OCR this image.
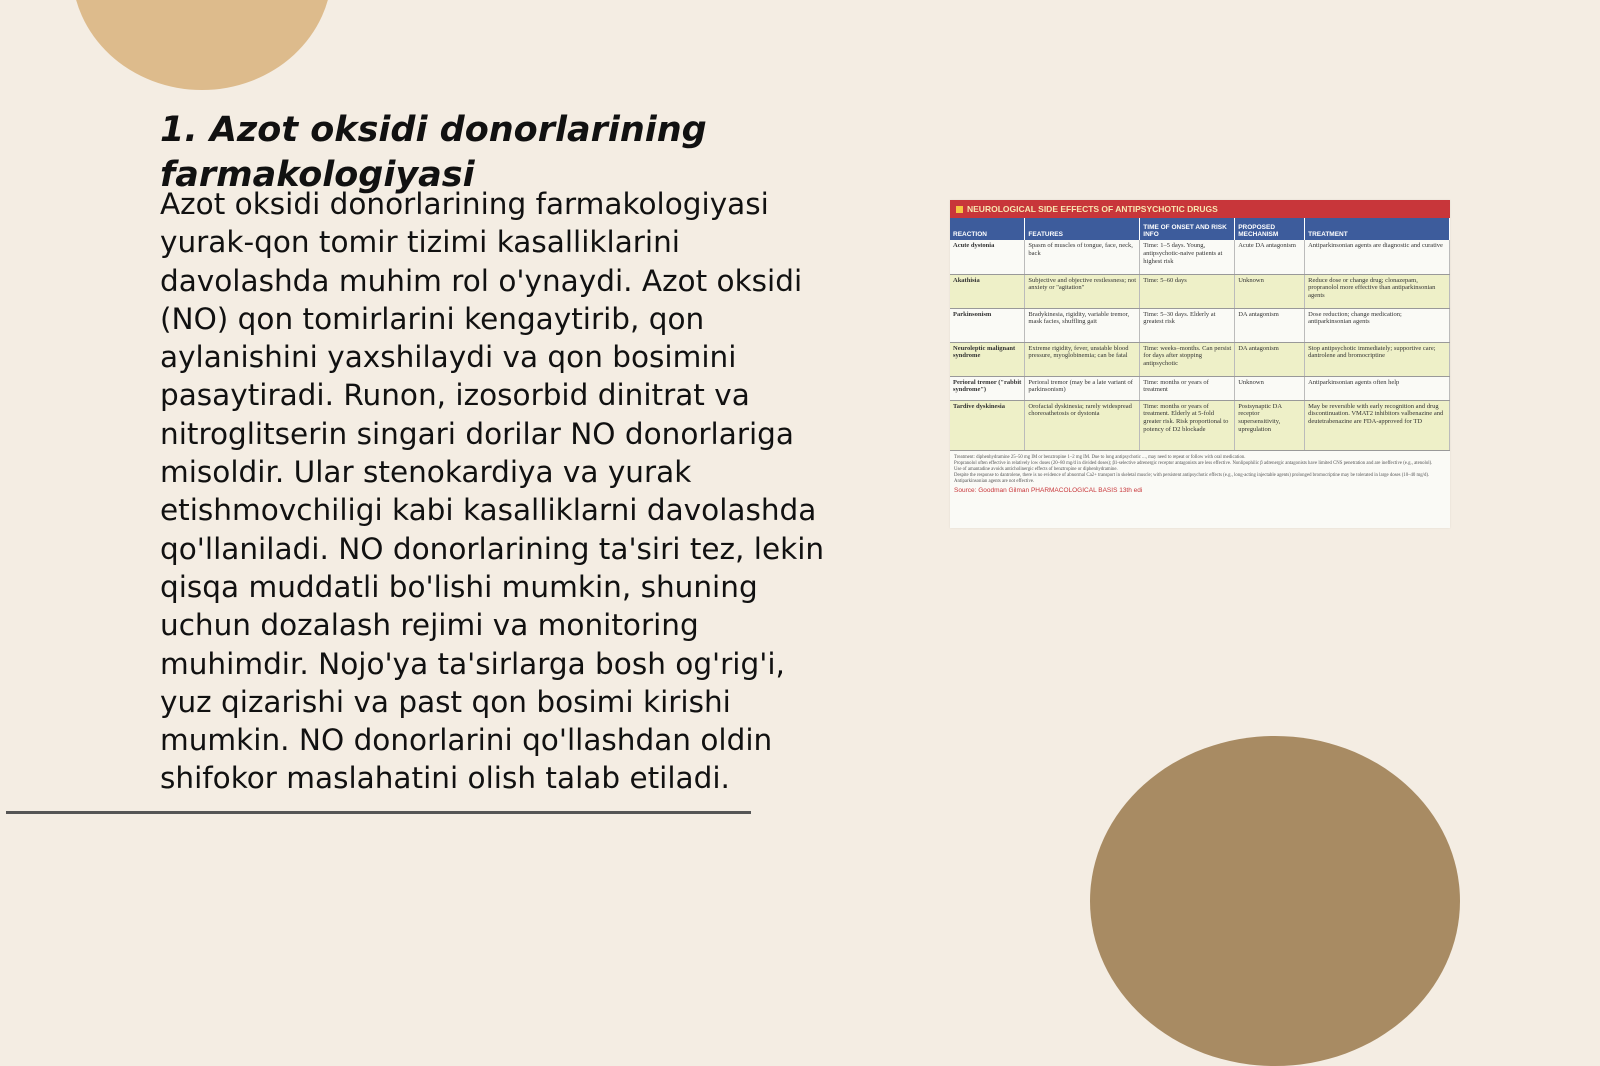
1. Azot oksidi donorlarining farmakologiyasi

Azot oksidi donorlarining farmakologiyasi yurak-qon tomir tizimi kasalliklarini davolashda muhim rol o'ynaydi. Azot oksidi (NO) qon tomirlarini kengaytirib, qon aylanishini yaxshilaydi va qon bosimini pasaytiradi. Runon, izosorbid dinitrat va nitroglitserin singari dorilar NO donorlariga misoldir. Ular stenokardiya va yurak etishmovchiligi kabi kasalliklarni davolashda qo'llaniladi. NO donorlarining ta'siri tez, lekin qisqa muddatli bo'lishi mumkin, shuning uchun dozalash rejimi va monitoring muhimdir. Nojo'ya ta'sirlarga bosh og'rig'i, yuz qizarishi va past qon bosimi kirishi mumkin. NO donorlarini qo'llashdan oldin shifokor maslahatini olish talab etiladi.

NEUROLOGICAL SIDE EFFECTS OF ANTIPSYCHOTIC DRUGS
REACTION	FEATURES	TIME OF ONSET AND RISK INFO	PROPOSED MECHANISM	TREATMENT
Acute dystonia	Spasm of muscles of tongue, face, neck, back	Time: 1–5 days. Young, antipsychotic-naive patients at highest risk	Acute DA antagonism	Antiparkinsonian agents are diagnostic and curative
Akathisia	Subjective and objective restlessness; not anxiety or "agitation"	Time: 5–60 days	Unknown	Reduce dose or change drug; clonazepam, propranolol more effective than antiparkinsonian agents
Parkinsonism	Bradykinesia, rigidity, variable tremor, mask facies, shuffling gait	Time: 5–30 days. Elderly at greatest risk	DA antagonism	Dose reduction; change medication; antiparkinsonian agents
Neuroleptic malignant syndrome	Extreme rigidity, fever, unstable blood pressure, myoglobinemia; can be fatal	Time: weeks–months. Can persist for days after stopping antipsychotic	DA antagonism	Stop antipsychotic immediately; supportive care; dantrolene and bromocriptine
Perioral tremor ("rabbit syndrome")	Perioral tremor (may be a late variant of parkinsonism)	Time: months or years of treatment	Unknown	Antiparkinsonian agents often help
Tardive dyskinesia	Orofacial dyskinesia; rarely widespread choreoathetosis or dystonia	Time: months or years of treatment. Elderly at 5-fold greater risk. Risk proportional to potency of D2 blockade	Postsynaptic DA receptor supersensitivity, upregulation	May be reversible with early recognition and drug discontinuation. VMAT2 inhibitors valbenazine and deutetrabenazine are FDA-approved for TD
Treatment: diphenhydramine 25–50 mg IM or benztropine 1–2 mg IM. Due to long antipsychotic ..., may need to repeat or follow with oral medication.
Propranolol often effective in relatively low doses (20–80 mg/d in divided doses); β1-selective adrenergic receptor antagonists are less effective. Nonlipophilic β adrenergic antagonists have limited CNS penetration and are ineffective (e.g., atenolol).
Use of amantadine avoids anticholinergic effects of benztropine or diphenhydramine.
Despite the response to dantrolene, there is no evidence of abnormal Ca2+ transport in skeletal muscle; with persistent antipsychotic effects (e.g., long-acting injectable agents) prolonged bromocriptine may be tolerated in large doses (10–40 mg/d). Antiparkinsonian agents are not effective.
Source: Goodman Gilman PHARMACOLOGICAL BASIS 13th edi
